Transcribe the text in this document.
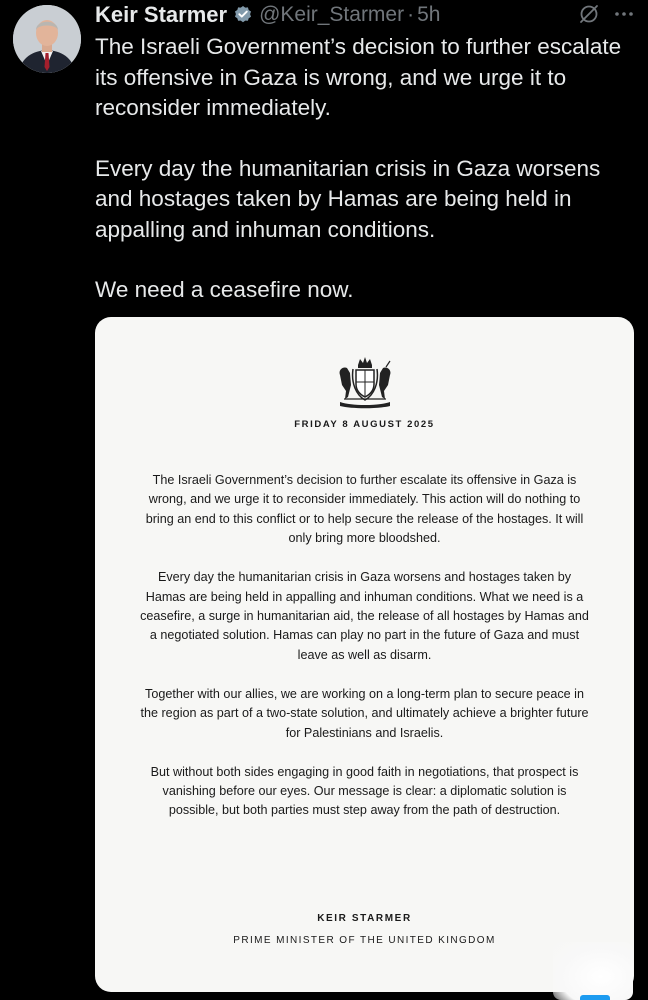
Keir Starmer @Keir_Starmer · 5h

The Israeli Government’s decision to further escalate its offensive in Gaza is wrong, and we urge it to reconsider immediately.

Every day the humanitarian crisis in Gaza worsens and hostages taken by Hamas are being held in appalling and inhuman conditions.

We need a ceasefire now.

FRIDAY 8 AUGUST 2025

The Israeli Government’s decision to further escalate its offensive in Gaza is wrong, and we urge it to reconsider immediately. This action will do nothing to bring an end to this conflict or to help secure the release of the hostages. It will only bring more bloodshed.

Every day the humanitarian crisis in Gaza worsens and hostages taken by Hamas are being held in appalling and inhuman conditions. What we need is a ceasefire, a surge in humanitarian aid, the release of all hostages by Hamas and a negotiated solution. Hamas can play no part in the future of Gaza and must leave as well as disarm.

Together with our allies, we are working on a long-term plan to secure peace in the region as part of a two-state solution, and ultimately achieve a brighter future for Palestinians and Israelis.

But without both sides engaging in good faith in negotiations, that prospect is vanishing before our eyes. Our message is clear: a diplomatic solution is possible, but both parties must step away from the path of destruction.

KEIR STARMER
PRIME MINISTER OF THE UNITED KINGDOM
